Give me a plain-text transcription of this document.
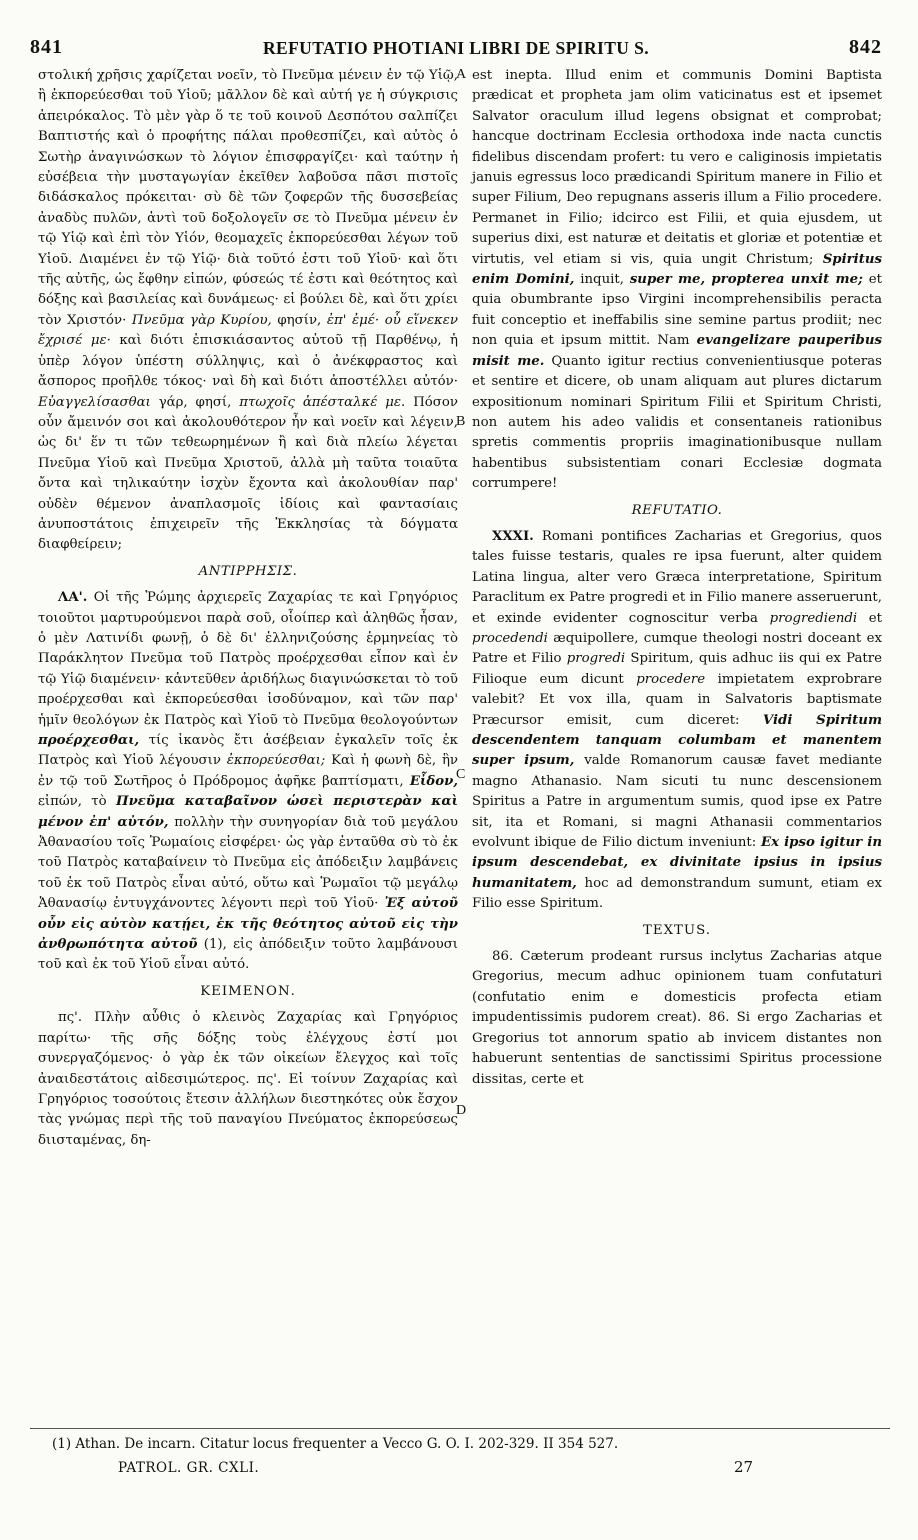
841	REFUTATIO PHOTIANI LIBRI DE SPIRITU S.	842
A
B
C
D

στολική χρῆσις χαρίζεται νοεῖν, τὸ Πνεῦμα μένειν ἐν τῷ Υἱῷ, ἢ ἐκπορεύεσθαι τοῦ Υἱοῦ; μᾶλλον δὲ καὶ αὐτή γε ἡ σύγκρισις ἀπειρόκαλος. Τὸ μὲν γὰρ ὅ τε τοῦ κοινοῦ Δεσπότου σαλπίζει Βαπτιστής καὶ ὁ προφήτης πάλαι προθεσπίζει, καὶ αὐτὸς ὁ Σωτὴρ ἀναγινώσκων τὸ λόγιον ἐπισφραγίζει· καὶ ταύτην ἡ εὐσέβεια τὴν μυσταγωγίαν ἐκεῖθεν λαβοῦσα πᾶσι πιστοῖς διδάσκαλος πρόκειται· σὺ δὲ τῶν ζοφερῶν τῆς δυσσεβείας ἀναδὺς πυλῶν, ἀντὶ τοῦ δοξολογεῖν σε τὸ Πνεῦμα μένειν ἐν τῷ Υἱῷ καὶ ἐπὶ τὸν Υἱόν, θεομαχεῖς ἐκπορεύεσθαι λέγων τοῦ Υἱοῦ. Διαμένει ἐν τῷ Υἱῷ· διὰ τοῦτό ἐστι τοῦ Υἱοῦ· καὶ ὅτι τῆς αὐτῆς, ὡς ἔφθην εἰπών, φύσεώς τέ ἐστι καὶ θεότητος καὶ δόξης καὶ βασιλείας καὶ δυνάμεως· εἰ βούλει δὲ, καὶ ὅτι χρίει τὸν Χριστόν· Πνεῦμα γὰρ Κυρίου, φησίν, ἐπ' ἐμέ· οὗ εἵνεκεν ἔχρισέ με· καὶ διότι ἐπισκιάσαντος αὐτοῦ τῇ Παρθένῳ, ἡ ὑπὲρ λόγον ὑπέστη σύλληψις, καὶ ὁ ἀνέκφραστος καὶ ἄσπορος προῆλθε τόκος· ναὶ δὴ καὶ διότι ἀποστέλλει αὐτόν· Εὐαγγελίσασθαι γάρ, φησί, πτωχοῖς ἀπέσταλκέ με. Πόσον οὖν ἄμεινόν σοι καὶ ἀκολουθότερον ἦν καὶ νοεῖν καὶ λέγειν, ὡς δι' ἕν τι τῶν τεθεωρημένων ἢ καὶ διὰ πλείω λέγεται Πνεῦμα Υἱοῦ καὶ Πνεῦμα Χριστοῦ, ἀλλὰ μὴ ταῦτα τοιαῦτα ὄντα καὶ τηλικαύτην ἰσχὺν ἔχοντα καὶ ἀκολουθίαν παρ' οὐδὲν θέμενον ἀναπλασμοῖς ἰδίοις καὶ φαντασίαις ἀνυποστάτοις ἐπιχειρεῖν τῆς Ἐκκλησίας τὰ δόγματα διαφθείρειν;

ΑΝΤΙΡΡΗΣΙΣ.

ΛΑ'. Οἱ τῆς Ῥώμης ἀρχιερεῖς Ζαχαρίας τε καὶ Γρηγόριος τοιοῦτοι μαρτυρούμενοι παρὰ σοῦ, οἷοίπερ καὶ ἀληθῶς ἦσαν, ὁ μὲν Λατινίδι φωνῇ, ὁ δὲ δι' ἑλληνιζούσης ἑρμηνείας τὸ Παράκλητον Πνεῦμα τοῦ Πατρὸς προέρχεσθαι εἶπον καὶ ἐν τῷ Υἱῷ διαμένειν· κἀντεῦθεν ἀριδήλως διαγινώσκεται τὸ τοῦ προέρχεσθαι καὶ ἐκπορεύεσθαι ἰσοδύναμον, καὶ τῶν παρ' ἡμῖν θεολόγων ἐκ Πατρὸς καὶ Υἱοῦ τὸ Πνεῦμα θεολογούντων προέρχεσθαι, τίς ἱκανὸς ἔτι ἀσέβειαν ἐγκαλεῖν τοῖς ἐκ Πατρὸς καὶ Υἱοῦ λέγουσιν ἐκπορεύεσθαι; Καὶ ἡ φωνὴ δὲ, ἣν ἐν τῷ τοῦ Σωτῆρος ὁ Πρόδρομος ἀφῆκε βαπτίσματι, Εἶδον, εἰπών, τὸ Πνεῦμα καταβαῖνον ὡσεὶ περιστερὰν καὶ μένον ἐπ' αὐτόν, πολλὴν τὴν συνηγορίαν διὰ τοῦ μεγάλου Ἀθανασίου τοῖς Ῥωμαίοις εἰσφέρει· ὡς γὰρ ἐνταῦθα σὺ τὸ ἐκ τοῦ Πατρὸς καταβαίνειν τὸ Πνεῦμα εἰς ἀπόδειξιν λαμβάνεις τοῦ ἐκ τοῦ Πατρὸς εἶναι αὐτό, οὕτω καὶ Ῥωμαῖοι τῷ μεγάλῳ Ἀθανασίῳ ἐντυγχάνοντες λέγοντι περὶ τοῦ Υἱοῦ· Ἐξ αὐτοῦ οὖν εἰς αὐτὸν κατῄει, ἐκ τῆς θεότητος αὐτοῦ εἰς τὴν ἀνθρωπότητα αὐτοῦ (1), εἰς ἀπόδειξιν τοῦτο λαμβάνουσι τοῦ καὶ ἐκ τοῦ Υἱοῦ εἶναι αὐτό.

ΚΕΙΜΕΝΟΝ.

πς'. Πλὴν αὖθις ὁ κλεινὸς Ζαχαρίας καὶ Γρηγόριος παρίτω· τῆς σῆς δόξης τοὺς ἐλέγχους ἐστί μοι συνεργαζόμενος· ὁ γὰρ ἐκ τῶν οἰκείων ἔλεγχος καὶ τοῖς ἀναιδεστάτοις αἰδεσιμώτερος. πς'. Εἰ τοίνυν Ζαχαρίας καὶ Γρηγόριος τοσούτοις ἔτεσιν ἀλλήλων διεστηκότες οὐκ ἔσχον τὰς γνώμας περὶ τῆς τοῦ παναγίου Πνεύματος ἐκπορεύσεως διισταμένας, δη-

est inepta. Illud enim et communis Domini Baptista prædicat et propheta jam olim vaticinatus est et ipsemet Salvator oraculum illud legens obsignat et comprobat; hancque doctrinam Ecclesia orthodoxa inde nacta cunctis fidelibus discendam profert: tu vero e caliginosis impietatis januis egressus loco prædicandi Spiritum manere in Filio et super Filium, Deo repugnans asseris illum a Filio procedere. Permanet in Filio; idcirco est Filii, et quia ejusdem, ut superius dixi, est naturæ et deitatis et gloriæ et potentiæ et virtutis, vel etiam si vis, quia ungit Christum; Spiritus enim Domini, inquit, super me, propterea unxit me; et quia obumbrante ipso Virgini incomprehensibilis peracta fuit conceptio et ineffabilis sine semine partus prodiit; nec non quia et ipsum mittit. Nam evangelizare pauperibus misit me. Quanto igitur rectius convenientiusque poteras et sentire et dicere, ob unam aliquam aut plures dictarum expositionum nominari Spiritum Filii et Spiritum Christi, non autem his adeo validis et consentaneis rationibus spretis commentis propriis imaginationibusque nullam habentibus subsistentiam conari Ecclesiæ dogmata corrumpere!

REFUTATIO.

XXXI. Romani pontifices Zacharias et Gregorius, quos tales fuisse testaris, quales re ipsa fuerunt, alter quidem Latina lingua, alter vero Græca interpretatione, Spiritum Paraclitum ex Patre progredi et in Filio manere asseruerunt, et exinde evidenter cognoscitur verba progrediendi et procedendi æquipollere, cumque theologi nostri doceant ex Patre et Filio progredi Spiritum, quis adhuc iis qui ex Patre Filioque eum dicunt procedere impietatem exprobrare valebit? Et vox illa, quam in Salvatoris baptismate Præcursor emisit, cum diceret: Vidi Spiritum descendentem tanquam columbam et manentem super ipsum, valde Romanorum causæ favet mediante magno Athanasio. Nam sicuti tu nunc descensionem Spiritus a Patre in argumentum sumis, quod ipse ex Patre sit, ita et Romani, si magni Athanasii commentarios evolvunt ibique de Filio dictum inveniunt: Ex ipso igitur in ipsum descendebat, ex divinitate ipsius in ipsius humanitatem, hoc ad demonstrandum sumunt, etiam ex Filio esse Spiritum.

TEXTUS.

86. Cæterum prodeant rursus inclytus Zacharias atque Gregorius, mecum adhuc opinionem tuam confutaturi (confutatio enim e domesticis profecta etiam impudentissimis pudorem creat). 86. Si ergo Zacharias et Gregorius tot annorum spatio ab invicem distantes non habuerunt sententias de sanctissimi Spiritus processione dissitas, certe et

(1) Athan. De incarn. Citatur locus frequenter a Vecco G. O. I. 202-329. II 354 527.
PATROL. GR. CXLI.	27
